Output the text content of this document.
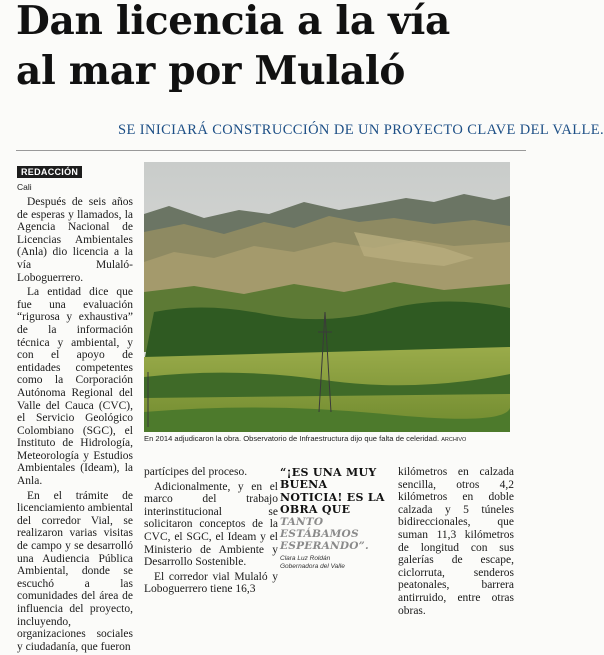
Dan licencia a la vía
al mar por Mulaló
SE INICIARÁ CONSTRUCCIÓN DE UN PROYECTO CLAVE DEL VALLE.
REDACCIÓN
Cali

Después de seis años de esperas y llamados, la Agencia Nacional de Licencias Ambientales (Anla) dio licencia a la vía Mulaló-Loboguerrero.

La entidad dice que fue una evaluación “rigurosa y exhaustiva” de la información técnica y ambiental, y con el apoyo de entidades competentes como la Corporación Autónoma Regional del Valle del Cauca (CVC), el Servicio Geológico Colombiano (SGC), el Instituto de Hidrología, Meteorología y Estudios Ambientales (Ideam), la Anla.

En el trámite de licenciamiento ambiental del corredor Vial, se realizaron varias visitas de campo y se desarrolló una Audiencia Pública Ambiental, donde se escuchó a las comunidades del área de influencia del proyecto, incluyendo, organizaciones sociales y ciudadanía, que fueron

En 2014 adjudicaron la obra. Observatorio de Infraestructura dijo que falta de celeridad. ARCHIVO

partícipes del proceso.

Adicionalmente, y en el marco del trabajo interinstitucional se solicitaron conceptos de la CVC, el SGC, el Ideam y el Ministerio de Ambiente y Desarrollo Sostenible.

El corredor vial Mulaló y Loboguerrero tiene 16,3

“¡ES UNA MUY BUENA NOTICIA! ES LA OBRA QUE
TANTO ESTÁBAMOS ESPERANDO”.
Clara Luz Roldán
Gobernadora del Valle

kilómetros en calzada sencilla, otros 4,2 kilómetros en doble calzada y 5 túneles bidireccionales, que suman 11,3 kilómetros de longitud con sus galerías de escape, ciclorruta, senderos peatonales, barrera antirruido, entre otras obras.
